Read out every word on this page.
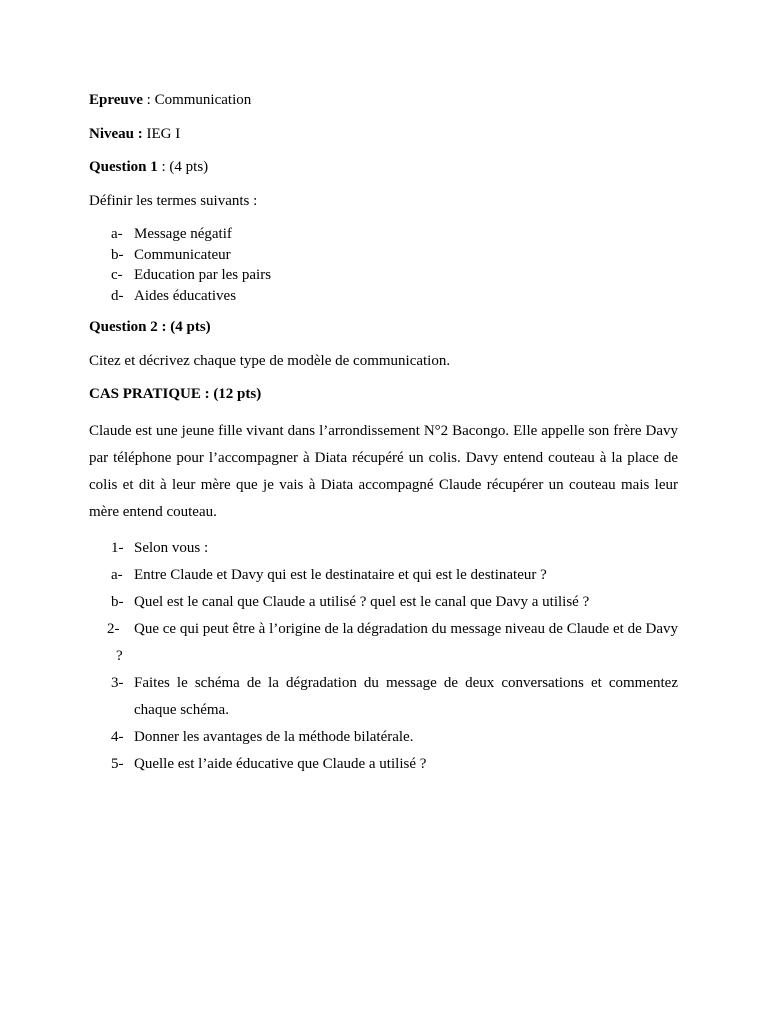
Epreuve : Communication

Niveau : IEG I

Question 1 : (4 pts)

Définir les termes suivants :

a- Message négatif
b- Communicateur
c- Education par les pairs
d- Aides éducatives

Question 2 : (4 pts)

Citez et décrivez chaque type de modèle de communication.

CAS PRATIQUE : (12 pts)

Claude est une jeune fille vivant dans l’arrondissement N°2 Bacongo. Elle appelle son frère Davy par téléphone pour l’accompagner à Diata récupéré un colis. Davy entend couteau à la place de colis et dit à leur mère que je vais à Diata accompagné Claude récupérer un couteau mais leur mère entend couteau.

1- Selon vous :
a- Entre Claude et Davy qui est le destinataire et qui est le destinateur ?
b- Quel est le canal que Claude a utilisé ? quel est le canal que Davy a utilisé ?
2- Que ce qui peut être à l’origine de la dégradation du message niveau de Claude et de Davy ?
3- Faites le schéma de la dégradation du message de deux conversations et commentez chaque schéma.
4- Donner les avantages de la méthode bilatérale.
5- Quelle est l’aide éducative que Claude a utilisé ?
